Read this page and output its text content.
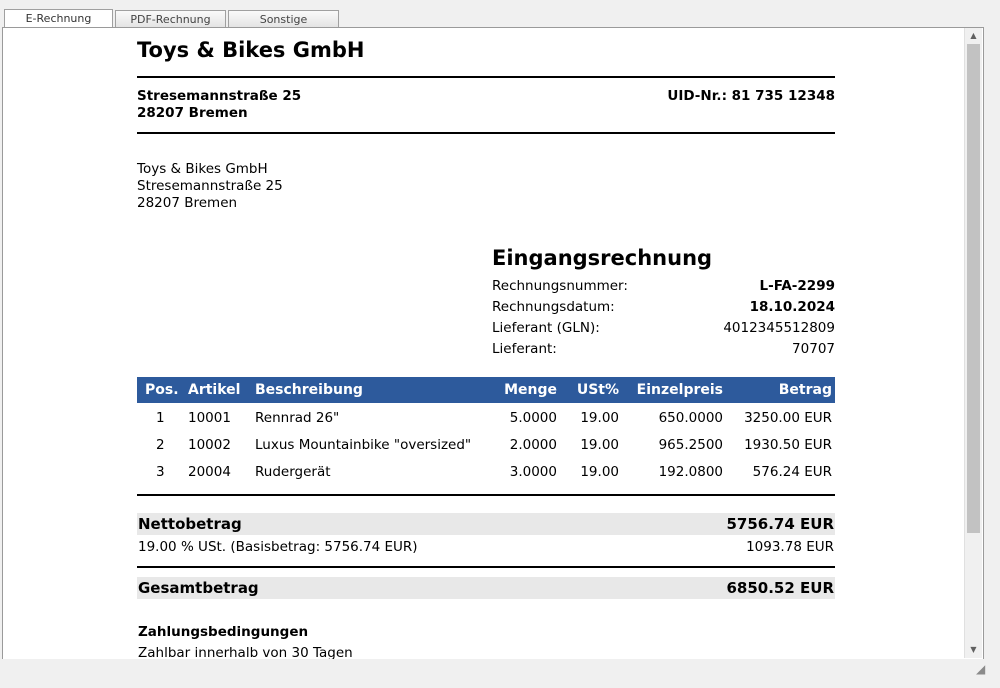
E-Rechnung	PDF-Rechnung	Sonstige
Toys & Bikes GmbH
Stresemannstraße 25
28207 Bremen
UID-Nr.: 81 735 12348
Toys & Bikes GmbH
Stresemannstraße 25
28207 Bremen
Eingangsrechnung
Rechnungsnummer:	L-FA-2299
Rechnungsdatum:	18.10.2024
Lieferant (GLN):	4012345512809
Lieferant:	70707
Pos. Artikel Beschreibung	Menge USt% Einzelpreis	Betrag
1 10001 Rennrad 26"	5.0000 19.00	650.0000 3250.00 EUR
2 10002 Luxus Mountainbike "oversized"	2.0000 19.00	965.2500 1930.50 EUR
3 20004 Rudergerät	3.0000 19.00	192.0800 576.24 EUR
Nettobetrag	5756.74 EUR
19.00 % USt. (Basisbetrag: 5756.74 EUR)	1093.78 EUR
Gesamtbetrag	6850.52 EUR
Zahlungsbedingungen
Zahlbar innerhalb von 30 Tagen
▲
▼
◢
